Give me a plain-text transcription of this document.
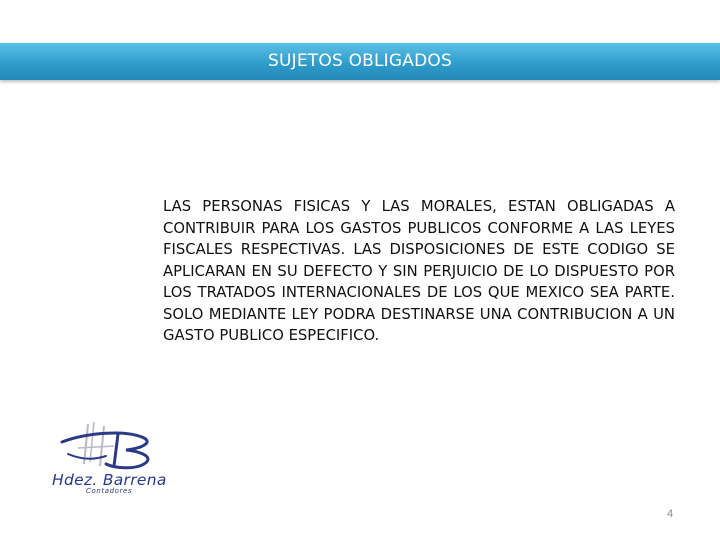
SUJETOS OBLIGADOS
LAS PERSONAS FISICAS Y LAS MORALES, ESTAN OBLIGADAS A CONTRIBUIR PARA LOS GASTOS PUBLICOS CONFORME A LAS LEYES FISCALES RESPECTIVAS. LAS DISPOSICIONES DE ESTE CODIGO SE APLICARAN EN SU DEFECTO Y SIN PERJUICIO DE LO DISPUESTO POR LOS TRATADOS INTERNACIONALES DE LOS QUE MEXICO SEA PARTE. SOLO MEDIANTE LEY PODRA DESTINARSE UNA CONTRIBUCION A UN GASTO PUBLICO ESPECIFICO.
Hdez. Barrena
Contadores
4
